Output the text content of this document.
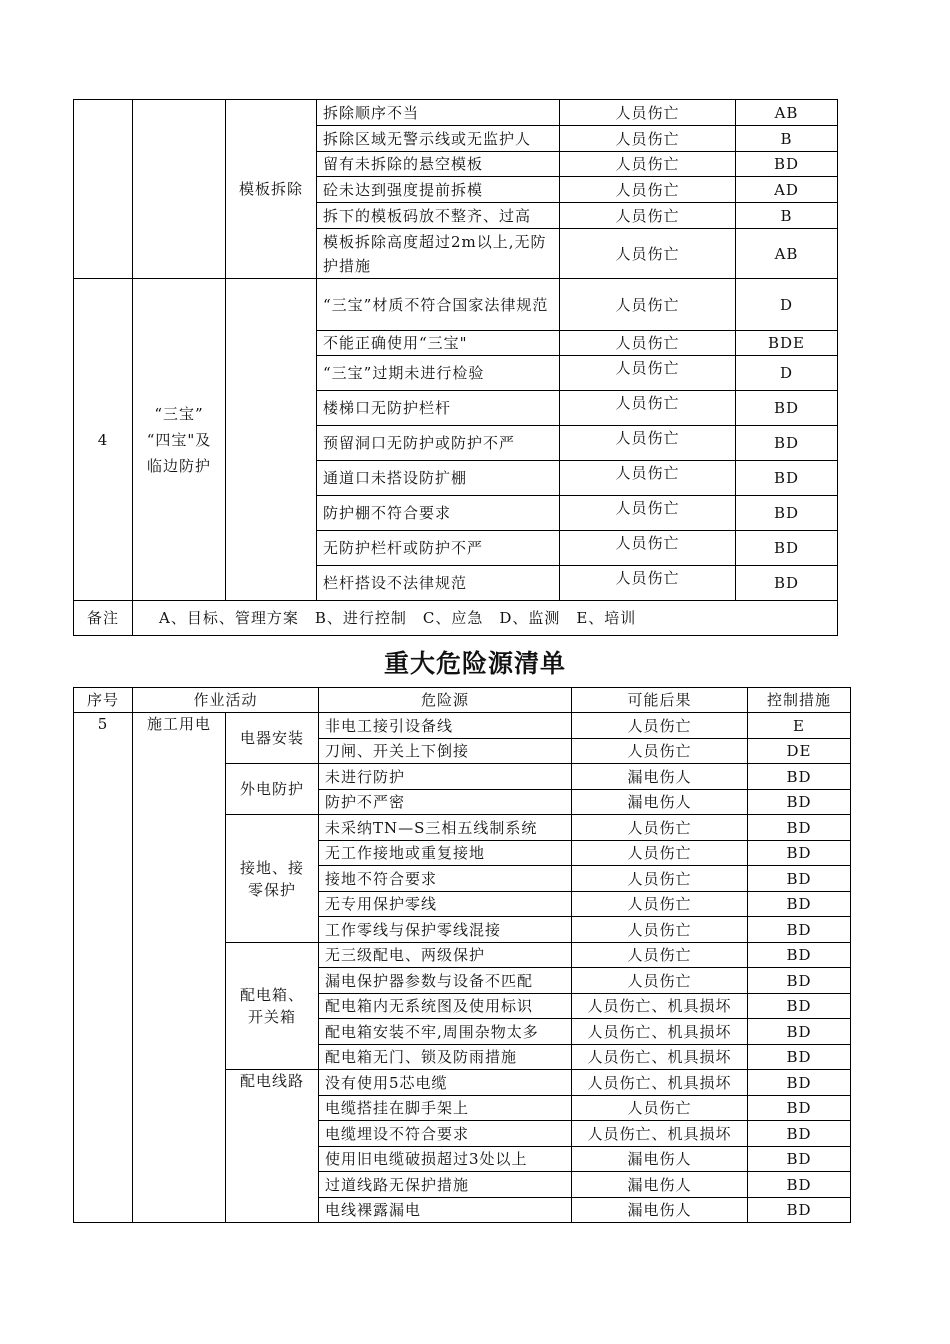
		模板拆除	拆除顺序不当	人员伤亡	AB
			拆除区域无警示线或无监护人	人员伤亡	B
			留有未拆除的悬空模板	人员伤亡	BD
			砼未达到强度提前拆模	人员伤亡	AD
			拆下的模板码放不整齐、过高	人员伤亡	B
			模板拆除高度超过2m以上,无防护措施	人员伤亡	AB
4	“三宝”
“四宝"及
临边防护		“三宝”材质不符合国家法律规范	人员伤亡	D
			不能正确使用“三宝"	人员伤亡	BDE
			“三宝”过期未进行检验	人员伤亡	D
			楼梯口无防护栏杆	人员伤亡	BD
			预留洞口无防护或防护不严	人员伤亡	BD
			通道口未搭设防扩棚	人员伤亡	BD
			防护棚不符合要求	人员伤亡	BD
			无防护栏杆或防护不严	人员伤亡	BD
			栏杆搭设不法律规范	人员伤亡	BD
备注	A、目标、管理方案　B、进行控制　C、应急　D、监测　E、培训				
重大危险源清单
序号	作业活动		危险源	可能后果	控制措施
5	施工用电	电器安装	非电工接引设备线	人员伤亡	E
			刀闸、开关上下倒接	人员伤亡	DE

		外电防护	未进行防护	漏电伤人	BD
			防护不严密	漏电伤人	BD

		接地、接
零保护	未采纳TN—S三相五线制系统	人员伤亡	BD
			无工作接地或重复接地	人员伤亡	BD
			接地不符合要求	人员伤亡	BD
			无专用保护零线	人员伤亡	BD
			工作零线与保护零线混接	人员伤亡	BD

		配电箱、
开关箱	无三级配电、两级保护	人员伤亡	BD
			漏电保护器参数与设备不匹配	人员伤亡	BD
			配电箱内无系统图及使用标识	人员伤亡、机具损坏	BD
			配电箱安装不牢,周围杂物太多	人员伤亡、机具损坏	BD
			配电箱无门、锁及防雨措施	人员伤亡、机具损坏	BD

		配电线路	没有使用5芯电缆	人员伤亡、机具损坏	BD
			电缆搭挂在脚手架上	人员伤亡	BD
			电缆埋设不符合要求	人员伤亡、机具损坏	BD
			使用旧电缆破损超过3处以上	漏电伤人	BD
			过道线路无保护措施	漏电伤人	BD
			电线裸露漏电	漏电伤人	BD
